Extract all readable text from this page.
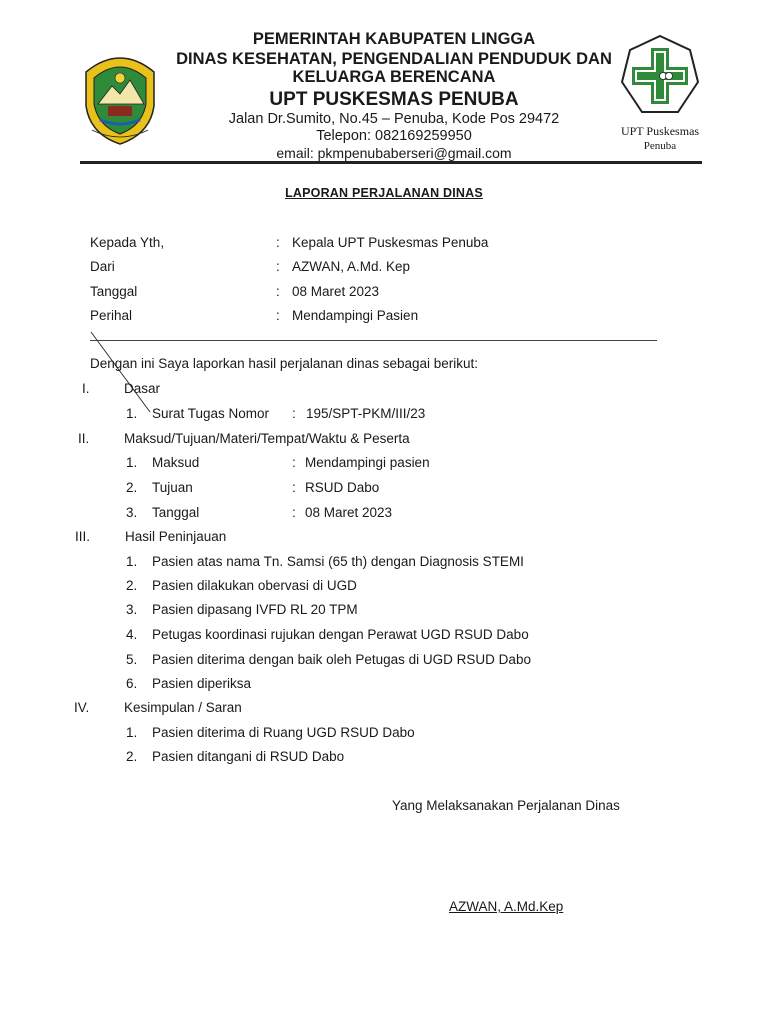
UPT Puskesmas
Penuba
PEMERINTAH KABUPATEN LINGGA
DINAS KESEHATAN, PENGENDALIAN PENDUDUK DAN
KELUARGA BERENCANA
UPT PUSKESMAS PENUBA
Jalan Dr.Sumito, No.45 – Penuba, Kode Pos 29472
Telepon: 082169259950
email: pkmpenubaberseri@gmail.com
LAPORAN PERJALANAN DINAS
Kepada Yth,	: Kepala UPT Puskesmas Penuba
Dari	: AZWAN, A.Md. Kep
Tanggal	: 08 Maret 2023
Perihal	: Mendampingi Pasien
Dengan ini Saya laporkan hasil perjalanan dinas sebagai berikut:
I.	Dasar
1. Surat Tugas Nomor : 195/SPT-PKM/III/23
II.	Maksud/Tujuan/Materi/Tempat/Waktu & Peserta
1. Maksud	: Mendampingi pasien
2. Tujuan	: RSUD Dabo
3. Tanggal	: 08 Maret 2023
III.	Hasil Peninjauan
1. Pasien atas nama Tn. Samsi (65 th) dengan Diagnosis STEMI
2. Pasien dilakukan obervasi di UGD
3. Pasien dipasang IVFD RL 20 TPM
4. Petugas koordinasi rujukan dengan Perawat UGD RSUD Dabo
5. Pasien diterima dengan baik oleh Petugas di UGD RSUD Dabo
6. Pasien diperiksa
IV.	Kesimpulan / Saran
1. Pasien diterima di Ruang UGD RSUD Dabo
2. Pasien ditangani di RSUD Dabo
Yang Melaksanakan Perjalanan Dinas
AZWAN, A.Md.Kep
